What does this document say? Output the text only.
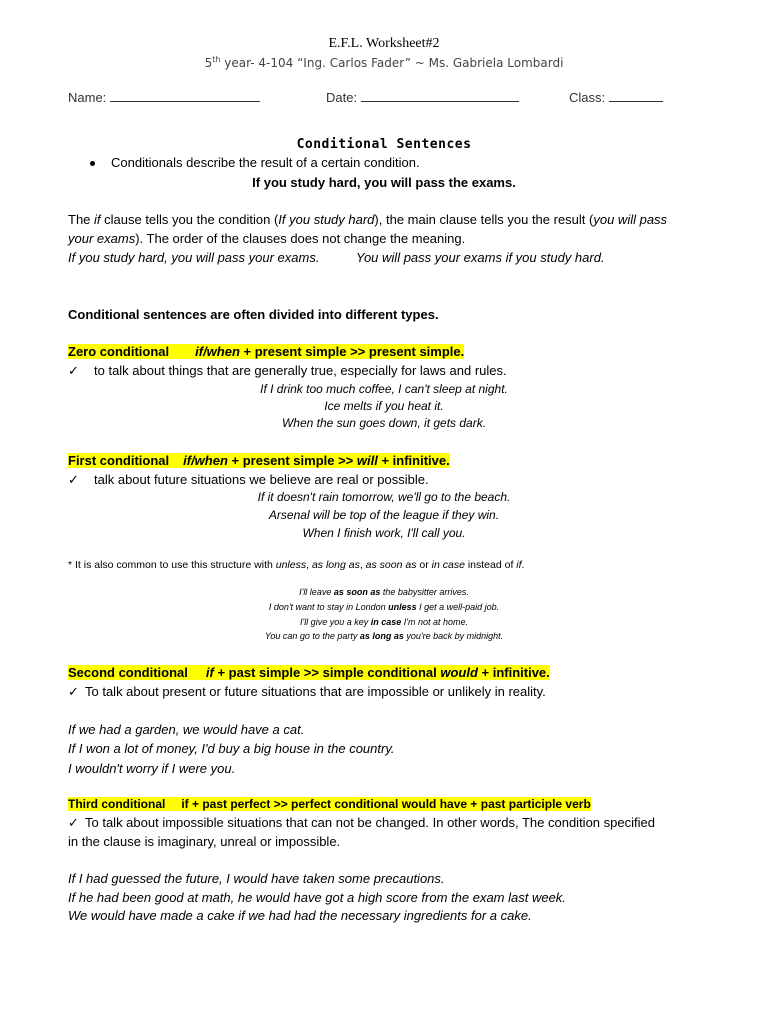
E.F.L. Worksheet#2
5th year- 4-104 “Ing. Carlos Fader” ~ Ms. Gabriela Lombardi
Name:	Date:	Class:
Conditional Sentences
Conditionals describe the result of a certain condition.
If you study hard, you will pass the exams.
The if clause tells you the condition (If you study hard), the main clause tells you the result (you will pass
your exams). The order of the clauses does not change the meaning.
If you study hard, you will pass your exams.	You will pass your exams if you study hard.
Conditional sentences are often divided into different types.
Zero conditional if/when + present simple >> present simple.
✓ to talk about things that are generally true, especially for laws and rules.
If I drink too much coffee, I can't sleep at night.
Ice melts if you heat it.
When the sun goes down, it gets dark.
First conditional if/when + present simple >> will + infinitive.
✓ talk about future situations we believe are real or possible.
If it doesn't rain tomorrow, we'll go to the beach.
Arsenal will be top of the league if they win.
When I finish work, I'll call you.
* It is also common to use this structure with unless, as long as, as soon as or in case instead of if.
I'll leave as soon as the babysitter arrives.
I don't want to stay in London unless I get a well-paid job.
I'll give you a key in case I'm not at home.
You can go to the party as long as you're back by midnight.
Second conditional if + past simple >> simple conditional would + infinitive.
✓ To talk about present or future situations that are impossible or unlikely in reality.
If we had a garden, we would have a cat.
If I won a lot of money, I'd buy a big house in the country.
I wouldn't worry if I were you.
Third conditional if + past perfect >> perfect conditional would have + past participle verb
✓ To talk about impossible situations that can not be changed. In other words, The condition specified
in the clause is imaginary, unreal or impossible.
If I had guessed the future, I would have taken some precautions.
If he had been good at math, he would have got a high score from the exam last week.
We would have made a cake if we had had the necessary ingredients for a cake.
